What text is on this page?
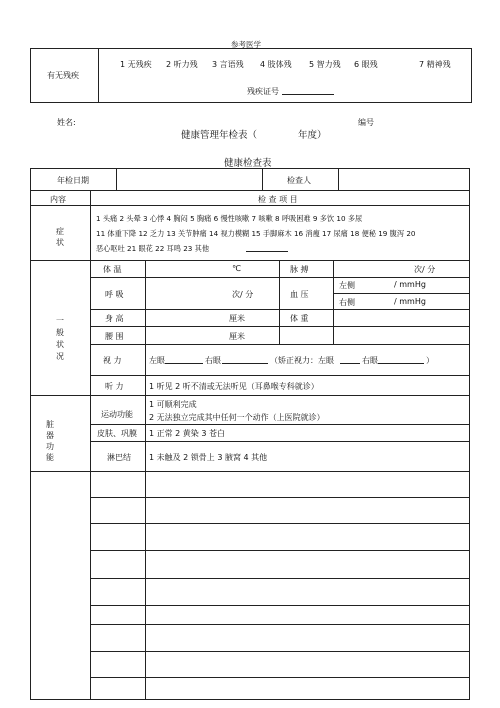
参考医学
有无残疾
1 无残疾 2 听力残 3 言语残 4 肢体残 5 智力残 6 眼残	7 精神残
残疾证号
姓名:	编号
健康管理年检表（	年度）
健康检查表
年检日期	检查人
内容	检 查 项 目
症
状
1 头痛 2 头晕 3 心悸 4 胸闷 5 胸痛 6 慢性咳嗽 7 咳嗽 8 呼吸困难 9 多饮 10 多尿
11 体重下降 12 乏力 13 关节肿痛 14 视力模糊 15 手脚麻木 16 消瘦 17 尿痛 18 便秘 19 腹泻 20
恶心呕吐 21 眼花 22 耳鸣 23 其他
一
般
状
况
体 温	℃	脉 搏	次/ 分
呼 吸	次/ 分	血 压
左侧	/ mmHg
右侧	/ mmHg
身 高	厘米	体 重
腰 围	厘米
视 力	左眼	右眼	（矫正视力：左眼	右眼	）
听 力	1 听见 2 听不清或无法听见（耳鼻喉专科就诊）
脏
器
功
能
运动功能
1 可顺利完成
2 无法独立完成其中任何一个动作（上医院就诊）
皮肤、巩膜 1 正常 2 黄染 3 苍白
淋巴结 1 未触及 2 锁骨上 3 腋窝 4 其他
